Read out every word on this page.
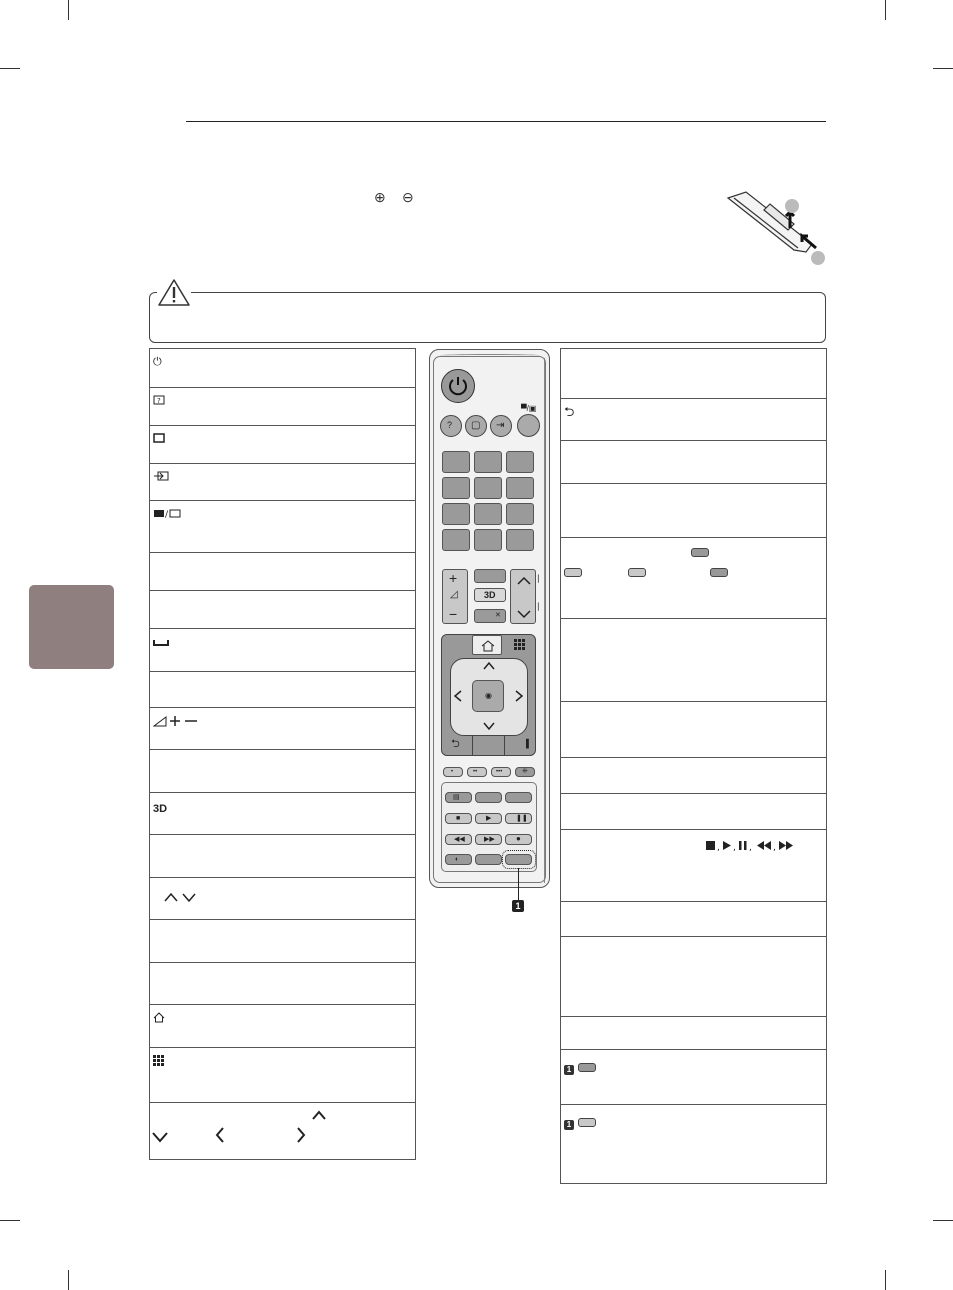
⊕ ⊖
⏻
?
/
3D
▀/▣
? ▢ ⇥
+
◿
−
3D
✕
▏
▏
◉
⮌	▌
•	••	•••	⁜
▤
■	▶	❚❚
◀◀	▶▶	●
◐
1
⮌
, , , ,
1
1
